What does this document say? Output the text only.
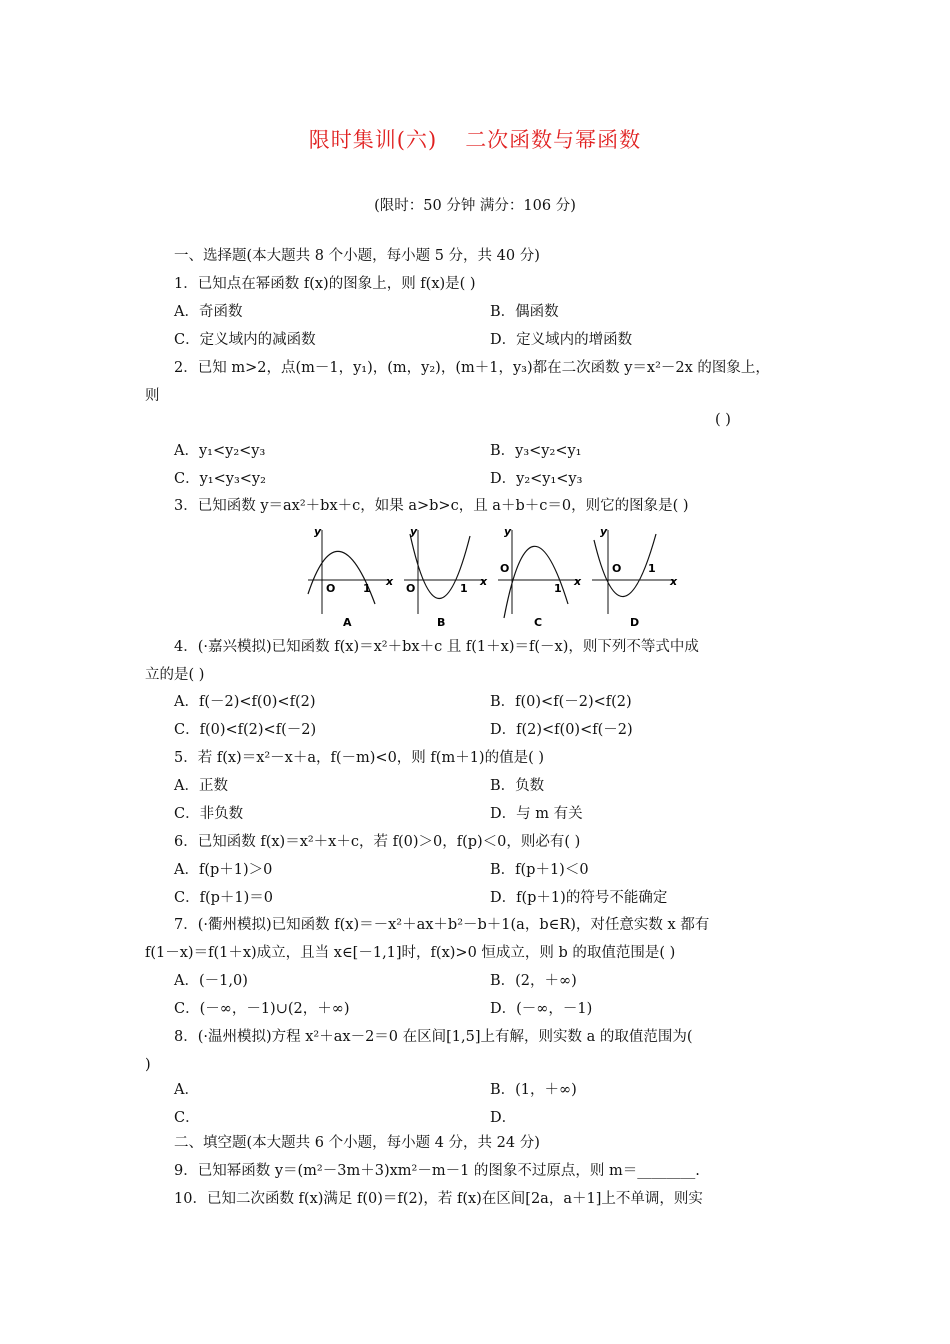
限时集训(六) 二次函数与幂函数
(限时：50 分钟 满分：106 分)
一、选择题(本大题共 8 个小题，每小题 5 分，共 40 分)
1．已知点在幂函数 f(x)的图象上，则 f(x)是( )
A．奇函数	B．偶函数
C．定义域内的减函数	D．定义域内的增函数
2．已知 m>2，点(m－1，y₁)，(m，y₂)，(m＋1，y₃)都在二次函数 y＝x²－2x 的图象上，
则
( )
A．y₁<y₂<y₃	B．y₃<y₂<y₁
C．y₁<y₃<y₂	D．y₂<y₁<y₃
3．已知函数 y＝ax²＋bx＋c，如果 a>b>c，且 a＋b＋c＝0，则它的图象是( )
y
x
O	1
A
y
x
O	1
B
y
x
O
1
C
y
x
O 1
D
4．(·嘉兴模拟)已知函数 f(x)＝x²＋bx＋c 且 f(1＋x)＝f(－x)，则下列不等式中成
立的是( )
A．f(－2)<f(0)<f(2)	B．f(0)<f(－2)<f(2)
C．f(0)<f(2)<f(－2)	D．f(2)<f(0)<f(－2)
5．若 f(x)＝x²－x＋a，f(－m)<0，则 f(m＋1)的值是( )
A．正数	B．负数
C．非负数	D．与 m 有关
6．已知函数 f(x)＝x²＋x＋c，若 f(0)＞0，f(p)＜0，则必有( )
A．f(p＋1)＞0	B．f(p＋1)＜0
C．f(p＋1)＝0	D．f(p＋1)的符号不能确定
7．(·衢州模拟)已知函数 f(x)＝－x²＋ax＋b²－b＋1(a，b∈R)，对任意实数 x 都有
f(1－x)＝f(1＋x)成立，且当 x∈[－1,1]时，f(x)>0 恒成立，则 b 的取值范围是( )
A．(－1,0)	B．(2，＋∞)
C．(－∞，－1)∪(2，＋∞)	D．(－∞，－1)
8．(·温州模拟)方程 x²＋ax－2＝0 在区间[1,5]上有解，则实数 a 的取值范围为(
)
A．	B．(1，＋∞)
C．	D．
二、填空题(本大题共 6 个小题，每小题 4 分，共 24 分)
9．已知幂函数 y＝(m²－3m＋3)xm²－m－1 的图象不过原点，则 m＝________.
10．已知二次函数 f(x)满足 f(0)＝f(2)，若 f(x)在区间[2a，a＋1]上不单调，则实
